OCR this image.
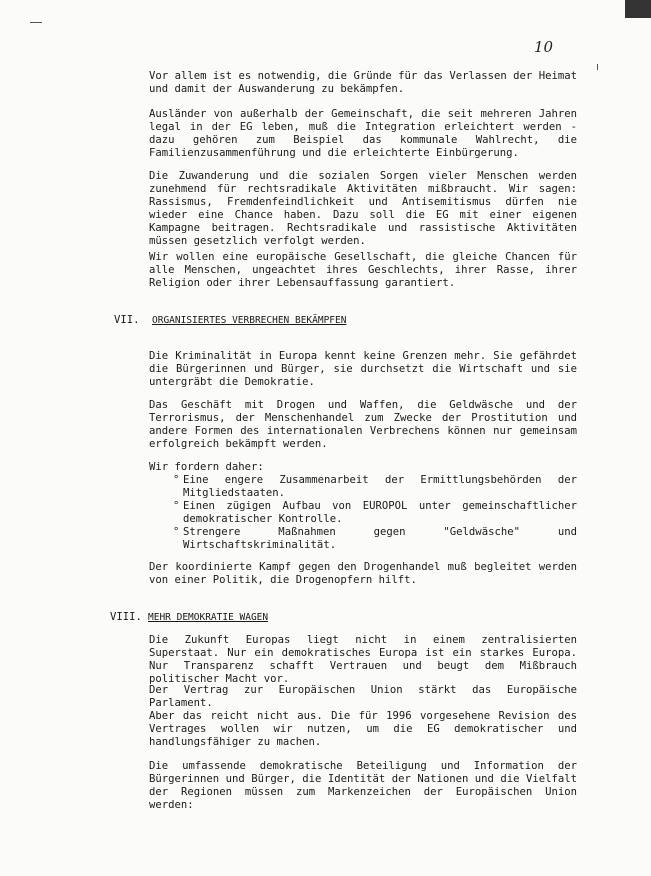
10

Vor allem ist es notwendig, die Gründe für das Verlassen der Heimat und damit der Auswanderung zu bekämpfen.

Ausländer von außerhalb der Gemeinschaft, die seit mehreren Jahren legal in der EG leben, muß die Integration erleichtert werden - dazu gehören zum Beispiel das kommunale Wahlrecht, die Familienzusammenführung und die erleichterte Einbürgerung.

Die Zuwanderung und die sozialen Sorgen vieler Menschen werden zunehmend für rechtsradikale Aktivitäten mißbraucht. Wir sagen: Rassismus, Fremdenfeindlichkeit und Antisemitismus dürfen nie wieder eine Chance haben. Dazu soll die EG mit einer eigenen Kampagne beitragen. Rechtsradikale und rassistische Aktivitäten müssen gesetzlich verfolgt werden.

Wir wollen eine europäische Gesellschaft, die gleiche Chancen für alle Menschen, ungeachtet ihres Geschlechts, ihrer Rasse, ihrer Religion oder ihrer Lebensauffassung garantiert.

VII. ORGANISIERTES VERBRECHEN BEKÄMPFEN

Die Kriminalität in Europa kennt keine Grenzen mehr. Sie gefährdet die Bürgerinnen und Bürger, sie durchsetzt die Wirtschaft und sie untergräbt die Demokratie.

Das Geschäft mit Drogen und Waffen, die Geldwäsche und der Terrorismus, der Menschenhandel zum Zwecke der Prostitution und andere Formen des internationalen Verbrechens können nur gemeinsam erfolgreich bekämpft werden.

Wir fordern daher:

° Eine engere Zusammenarbeit der Ermittlungsbehörden der Mitgliedstaaten.
° Einen zügigen Aufbau von EUROPOL unter gemeinschaftlicher demokratischer Kontrolle.
° Strengere Maßnahmen gegen "Geldwäsche" und Wirtschaftskriminalität.

Der koordinierte Kampf gegen den Drogenhandel muß begleitet werden von einer Politik, die Drogenopfern hilft.

VIII. MEHR DEMOKRATIE WAGEN

Die Zukunft Europas liegt nicht in einem zentralisierten Superstaat. Nur ein demokratisches Europa ist ein starkes Europa. Nur Transparenz schafft Vertrauen und beugt dem Mißbrauch politischer Macht vor.

Der Vertrag zur Europäischen Union stärkt das Europäische Parlament.

Aber das reicht nicht aus. Die für 1996 vorgesehene Revision des Vertrages wollen wir nutzen, um die EG demokratischer und handlungsfähiger zu machen.

Die umfassende demokratische Beteiligung und Information der Bürgerinnen und Bürger, die Identität der Nationen und die Vielfalt der Regionen müssen zum Markenzeichen der Europäischen Union werden:
